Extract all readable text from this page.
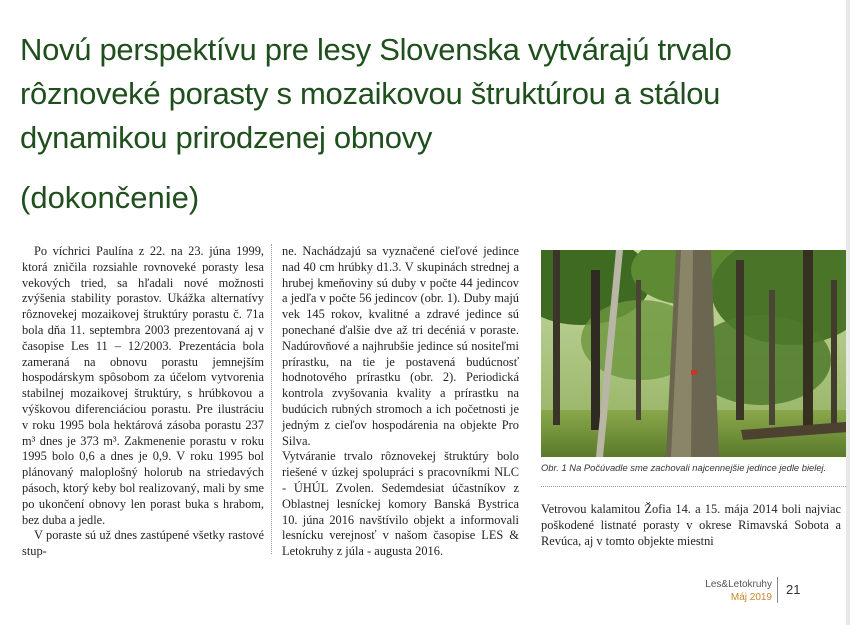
Novú perspektívu pre lesy Slovenska vytvárajú trvalo rôznoveké porasty s mozaikovou štruktúrou a stálou dynamikou prirodzenej obnovy
(dokončenie)

Po víchrici Paulína z 22. na 23. júna 1999, ktorá zničila rozsiahle rovnoveké porasty lesa vekových tried, sa hľadali nové možnosti zvýšenia stability porastov. Ukážka alternatívy rôznovekej mozaikovej štruktúry porastu č. 71a bola dňa 11. septembra 2003 prezentovaná aj v časopise Les 11 – 12/2003. Prezentácia bola zameraná na obnovu porastu jemnejším hospodárskym spôsobom za účelom vytvorenia stabilnej mozaikovej štruktúry, s hrúbkovou a výškovou diferenciáciou porastu. Pre ilustráciu v roku 1995 bola hektárová zásoba porastu 237 m³ dnes je 373 m³. Zakmenenie porastu v roku 1995 bolo 0,6 a dnes je 0,9. V roku 1995 bol plánovaný maloplošný holorub na striedavých pásoch, ktorý keby bol realizovaný, mali by sme po ukončení obnovy len porast buka s hrabom, bez duba a jedle.

V poraste sú už dnes zastúpené všetky rastové stup-

ne. Nachádzajú sa vyznačené cieľové jedince nad 40 cm hrúbky d1.3. V skupinách strednej a hrubej kmeňoviny sú duby v počte 44 jedincov a jedľa v počte 56 jedincov (obr. 1). Duby majú vek 145 rokov, kvalitné a zdravé jedince sú ponechané ďalšie dve až tri decéniá v poraste. Nadúrovňové a najhrubšie jedince sú nositeľmi prírastku, na tie je postavená budúcnosť hodnotového prírastku (obr. 2). Periodická kontrola zvyšovania kvality a prírastku na budúcich rubných stromoch a ich početnosti je jedným z cieľov hospodárenia na objekte Pro Silva.

Vytváranie trvalo rôznovekej štruktúry bolo riešené v úzkej spolupráci s pracovníkmi NLC - ÚHÚL Zvolen. Sedemdesiat účastníkov z Oblastnej lesníckej komory Banská Bystrica 10. júna 2016 navštívilo objekt a informovali lesnícku verejnosť v našom časopise LES & Letokruhy z júla - augusta 2016.

Obr. 1 Na Počúvadle sme zachovali najcennejšie jedince jedle bielej.

Vetrovou kalamitou Žofia 14. a 15. mája 2014 boli najviac poškodené listnaté porasty v okrese Rimavská Sobota a Revúca, aj v tomto objekte miestni

Les&Letokruhy
Máj 2019
21
